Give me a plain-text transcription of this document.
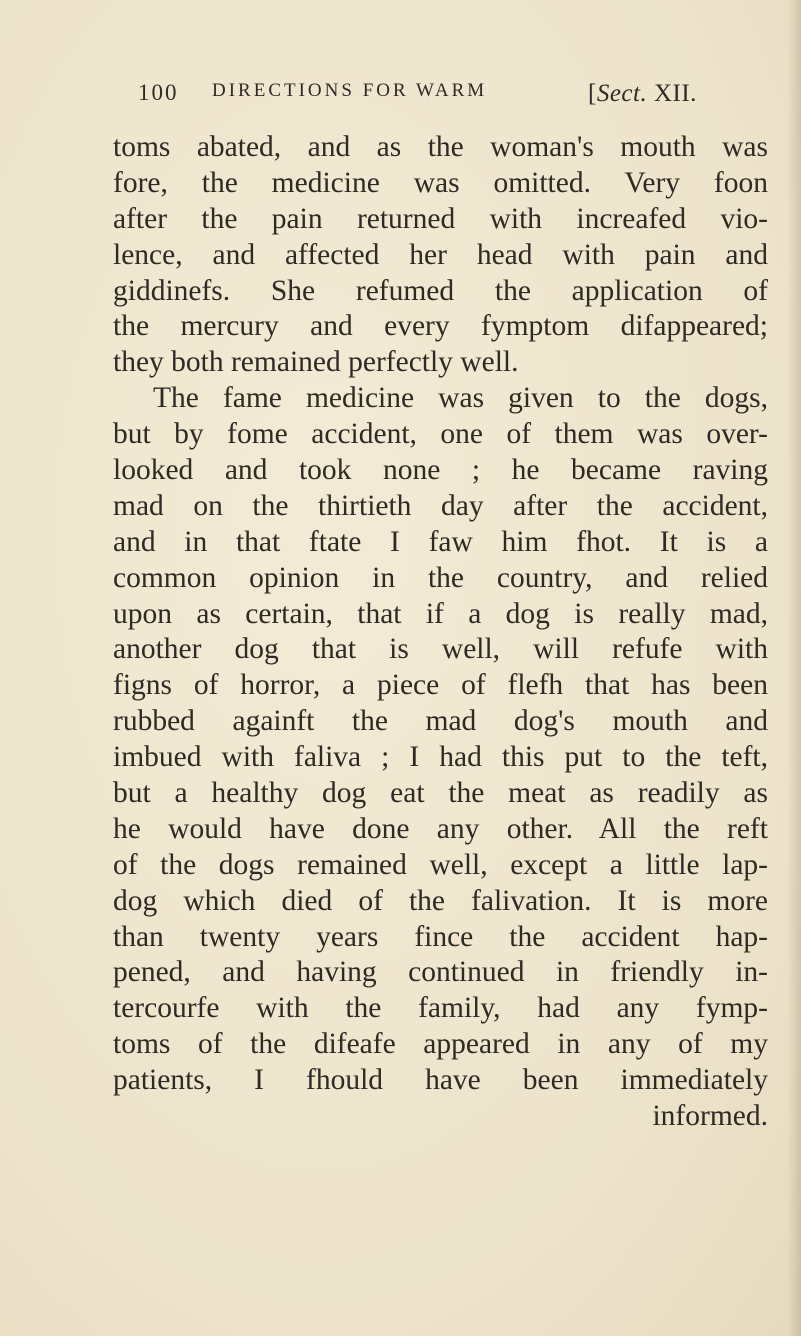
100 DIRECTIONS FOR WARM	[Sect. XII.
toms abated, and as the woman's mouth was
fore, the medicine was omitted. Very foon
after the pain returned with increafed vio-
lence, and affected her head with pain and
giddinefs. She refumed the application of
the mercury and every fymptom difappeared;
they both remained perfectly well.
The fame medicine was given to the dogs,
but by fome accident, one of them was over-
looked and took none ; he became raving
mad on the thirtieth day after the accident,
and in that ftate I faw him fhot. It is a
common opinion in the country, and relied
upon as certain, that if a dog is really mad,
another dog that is well, will refufe with
figns of horror, a piece of flefh that has been
rubbed againft the mad dog's mouth and
imbued with faliva ; I had this put to the teft,
but a healthy dog eat the meat as readily as
he would have done any other. All the reft
of the dogs remained well, except a little lap-
dog which died of the falivation. It is more
than twenty years fince the accident hap-
pened, and having continued in friendly in-
tercourfe with the family, had any fymp-
toms of the difeafe appeared in any of my
patients, I fhould have been immediately
informed.
